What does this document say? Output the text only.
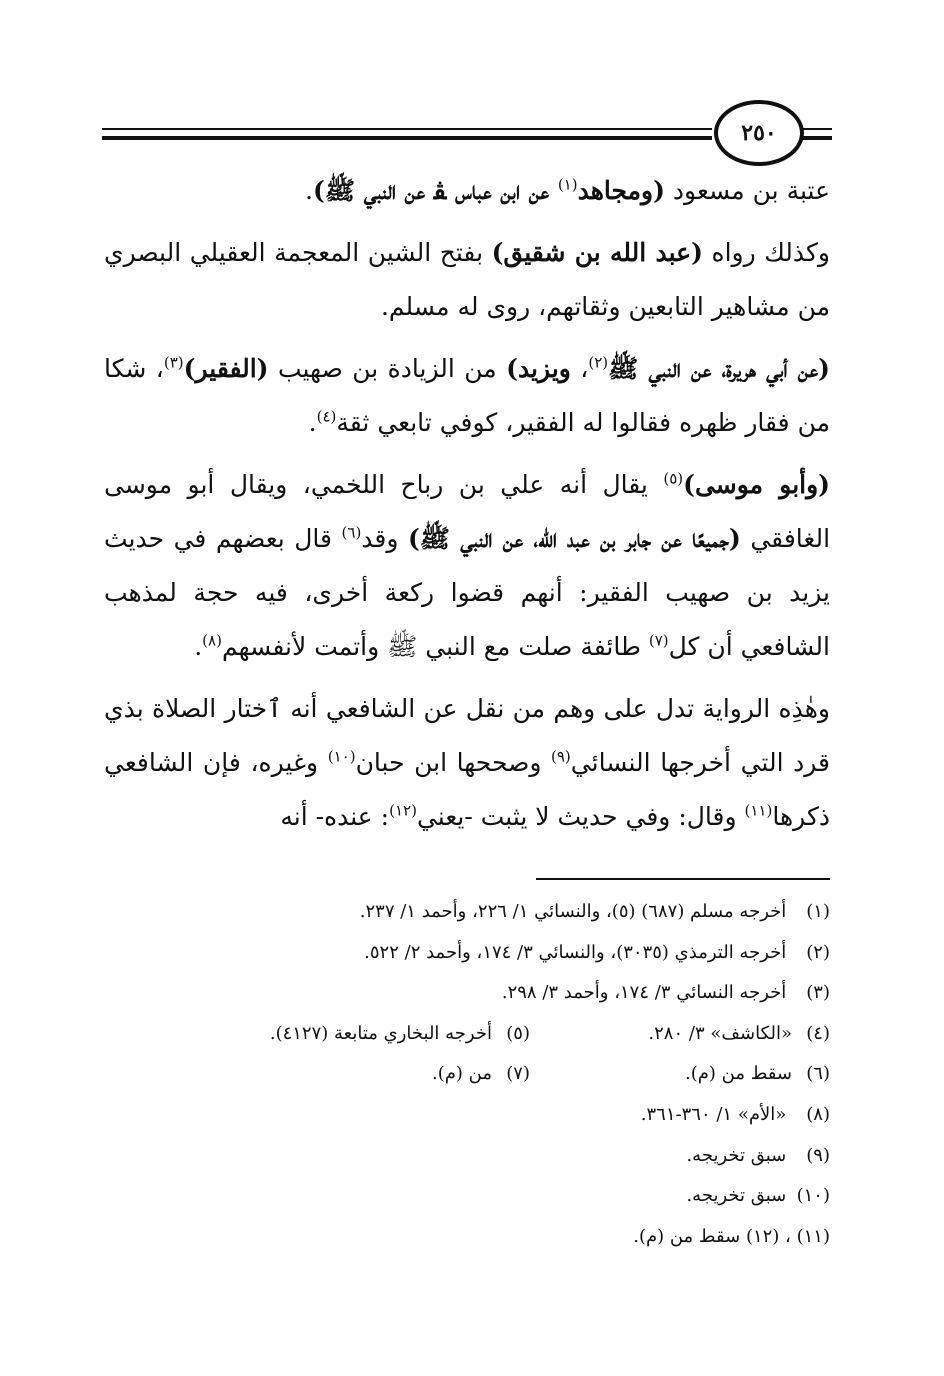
٢٥٠

عتبة بن مسعود (ومجاهد$^{(١)}$ عن ابن عباس ﭭ عن النبي ﷺ).

وكذلك رواه (عبد الله بن شقيق) بفتح الشين المعجمة العقيلي البصري من مشاهير التابعين وثقاتهم، روى له مسلم.

(عن أبي هريرة، عن النبي ﷺ$^{(٢)}$، ويزيد) من الزيادة بن صهيب (الفقير)$^{(٣)}$، شكا من فقار ظهره فقالوا له الفقير، كوفي تابعي ثقة$^{(٤)}$.

(وأبو موسى)$^{(٥)}$ يقال أنه علي بن رباح اللخمي، ويقال أبو موسى الغافقي (جميعًا عن جابر بن عبد الله، عن النبي ﷺ) وقد$^{(٦)}$ قال بعضهم في حديث يزيد بن صهيب الفقير: أنهم قضوا ركعة أخرى، فيه حجة لمذهب الشافعي أن كل$^{(٧)}$ طائفة صلت مع النبي ﷺ وأتمت لأنفسهم$^{(٨)}$.

وهٰذِه الرواية تدل على وهم من نقل عن الشافعي أنه ٱختار الصلاة بذي قرد التي أخرجها النسائي$^{(٩)}$ وصححها ابن حبان$^{(١٠)}$ وغيره، فإن الشافعي ذكرها$^{(١١)}$ وقال: وفي حديث لا يثبت -يعني$^{(١٢)}$: عنده- أنه

(١) أخرجه مسلم (٦٨٧) (٥)، والنسائي ١/ ٢٢٦، وأحمد ١/ ٢٣٧.
(٢) أخرجه الترمذي (٣٠٣٥)، والنسائي ٣/ ١٧٤، وأحمد ٢/ ٥٢٢.
(٣) أخرجه النسائي ٣/ ١٧٤، وأحمد ٣/ ٢٩٨.
(٤)«الكاشف» ٣/ ٢٨٠.
(٥)أخرجه البخاري متابعة (٤١٢٧).
(٦)سقط من (م).
(٧)من (م).
(٨) «الأم» ١/ ٣٦٠-٣٦١.
(٩) سبق تخريجه.
(١٠) سبق تخريجه.
(١١) ، (١٢) سقط من (م).
